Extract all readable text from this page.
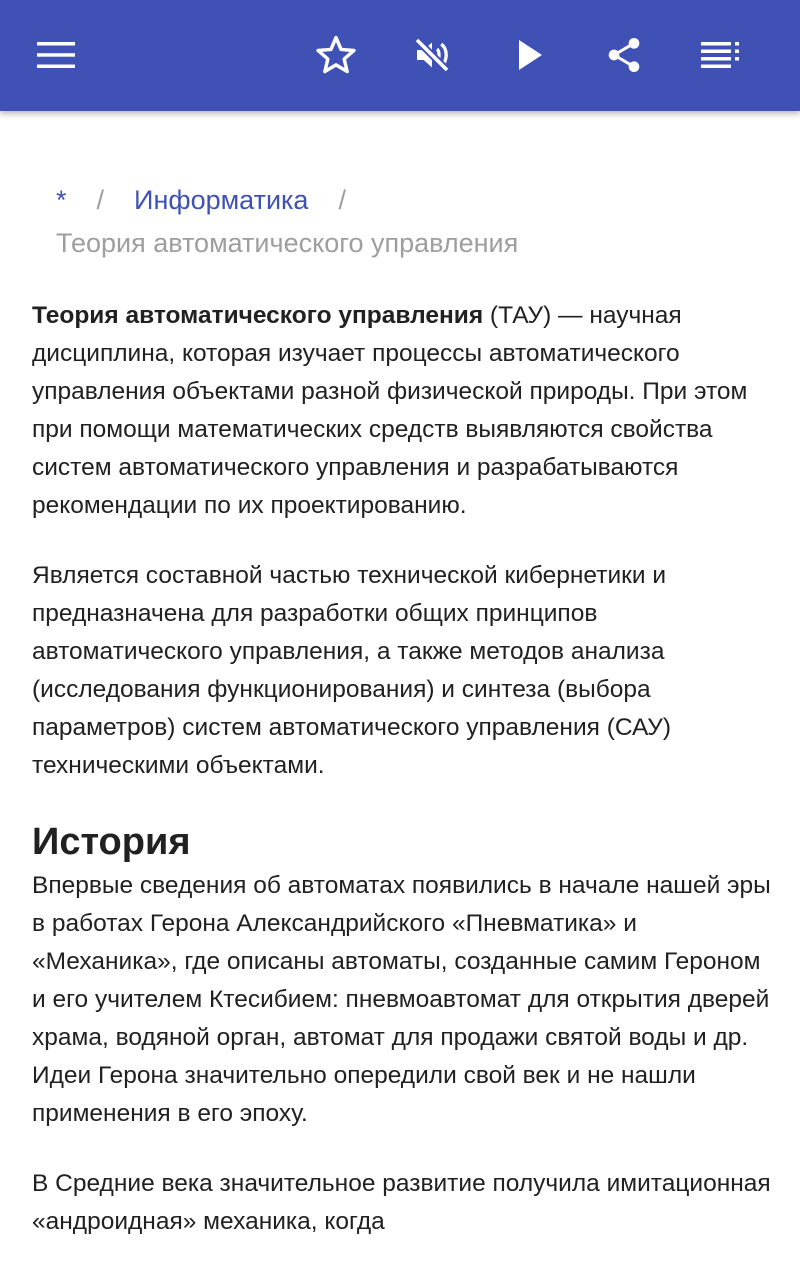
* / Информатика /
Теория автоматического управления

Теория автоматического управления (ТАУ) — научная дисциплина, которая изучает процессы автоматического управления объектами разной физической природы. При этом при помощи математических средств выявляются свойства систем автоматического управления и разрабатываются рекомендации по их проектированию.

Является составной частью технической кибернетики и предназначена для разработки общих принципов автоматического управления, а также методов анализа (исследования функционирования) и синтеза (выбора параметров) систем автоматического управления (САУ) техническими объектами.

История

Впервые сведения об автоматах появились в начале нашей эры в работах Герона Александрийского «Пневматика» и «Механика», где описаны автоматы, созданные самим Героном и его учителем Ктесибием: пневмоавтомат для открытия дверей храма, водяной орган, автомат для продажи святой воды и др. Идеи Герона значительно опередили свой век и не нашли применения в его эпоху.

В Средние века значительное развитие получила имитационная «андроидная» механика, когда
